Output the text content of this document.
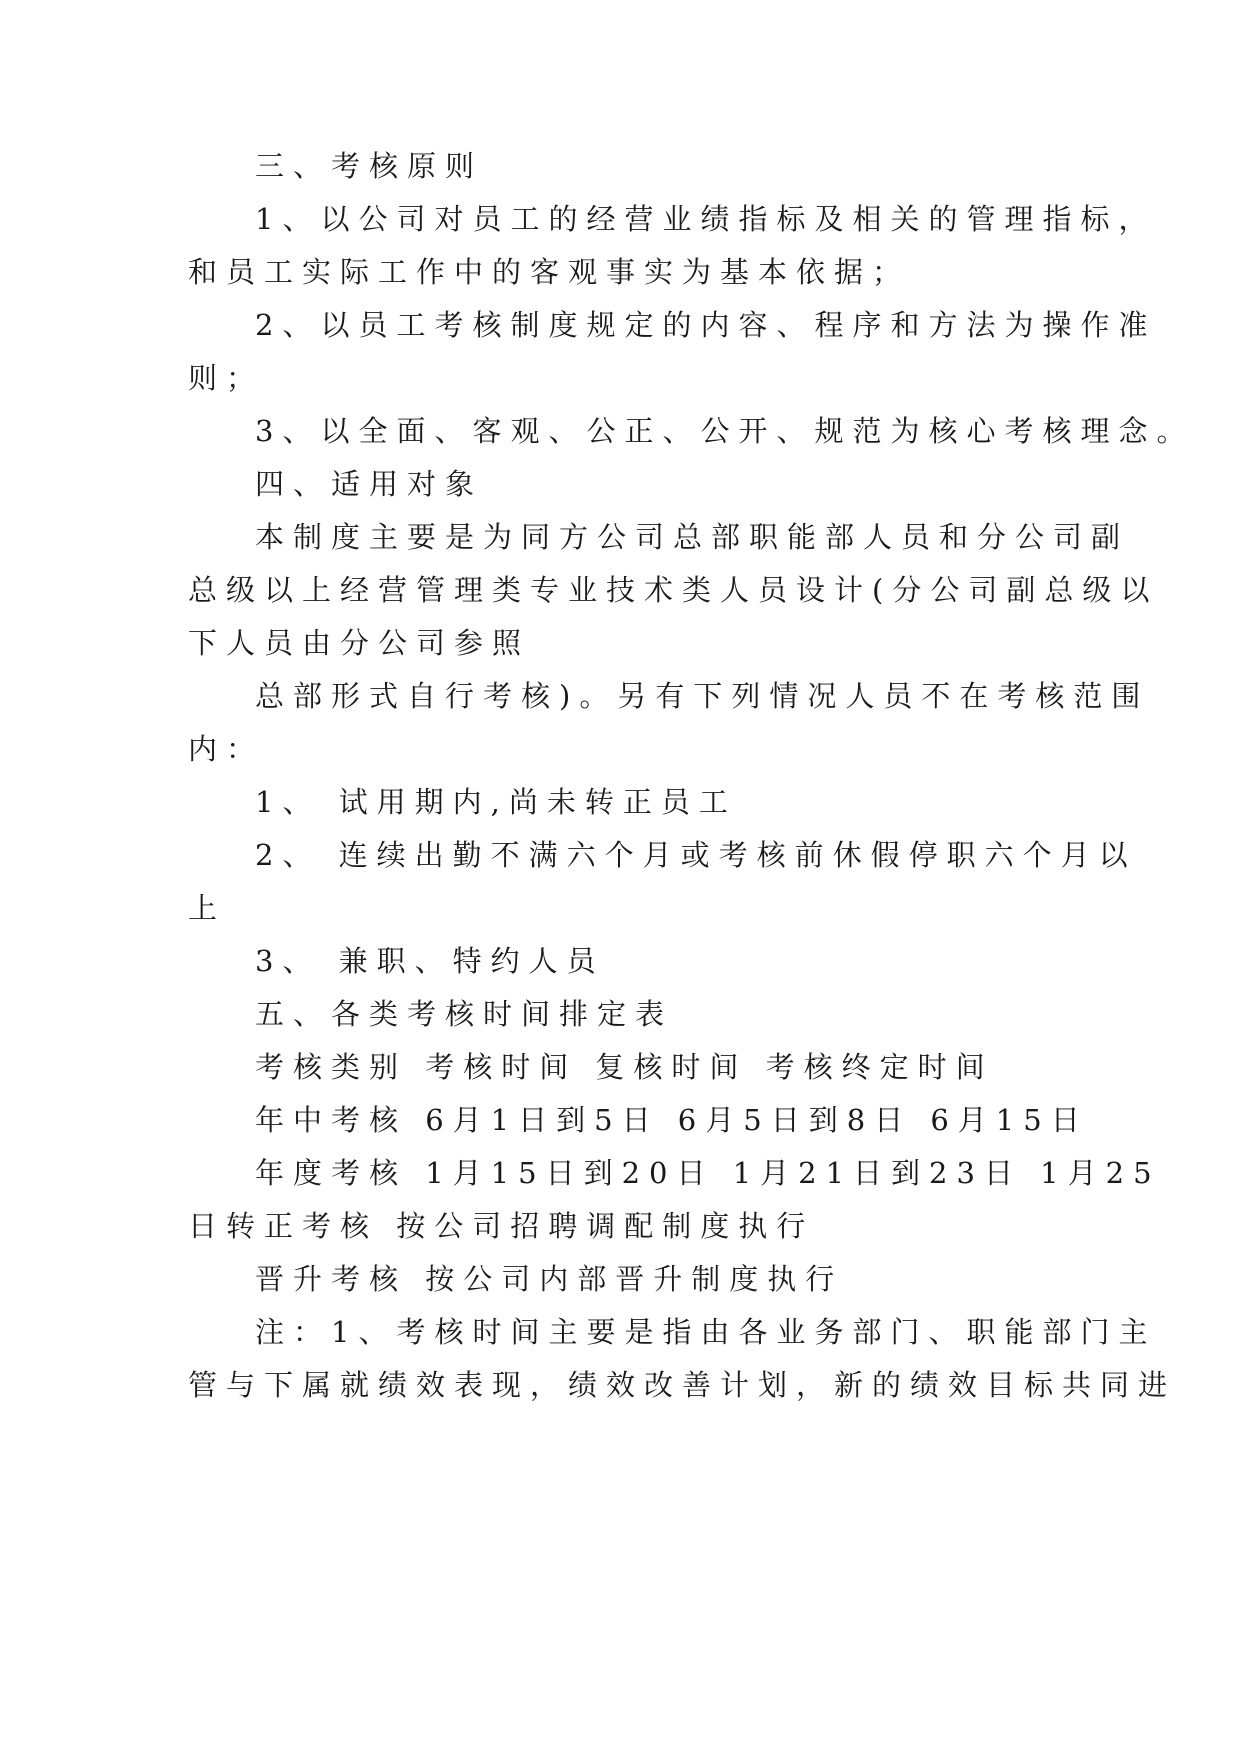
三、考核原则
1、以公司对员工的经营业绩指标及相关的管理指标，
和员工实际工作中的客观事实为基本依据；
2、以员工考核制度规定的内容、程序和方法为操作准
则；
3、以全面、客观、公正、公开、规范为核心考核理念。
四、适用对象
本制度主要是为同方公司总部职能部人员和分公司副
总级以上经营管理类专业技术类人员设计(分公司副总级以
下人员由分公司参照
总部形式自行考核)。另有下列情况人员不在考核范围
内：
1、 试用期内,尚未转正员工
2、 连续出勤不满六个月或考核前休假停职六个月以
上
3、 兼职、特约人员
五、各类考核时间排定表
考核类别 考核时间 复核时间 考核终定时间
年中考核 6月1日到5日 6月5日到8日 6月15日
年度考核 1月15日到20日 1月21日到23日 1月25
日转正考核 按公司招聘调配制度执行
晋升考核 按公司内部晋升制度执行
注：1、考核时间主要是指由各业务部门、职能部门主
管与下属就绩效表现，绩效改善计划，新的绩效目标共同进
